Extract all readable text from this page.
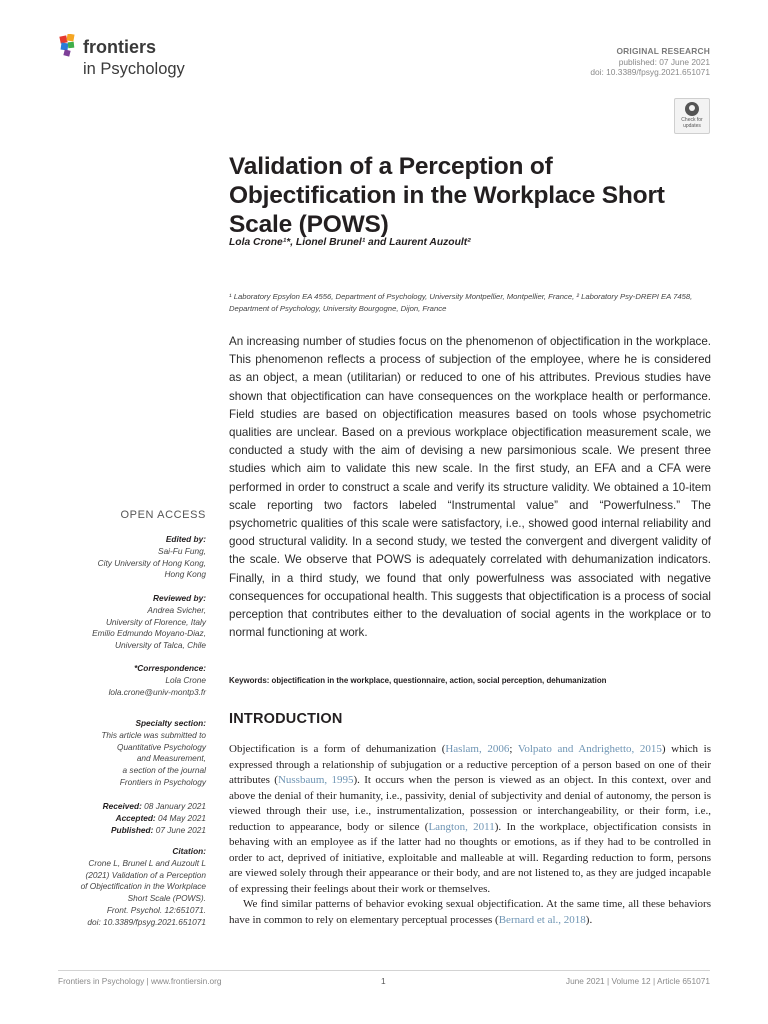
frontiers
in Psychology
ORIGINAL RESEARCH
published: 07 June 2021
doi: 10.3389/fpsyg.2021.651071
Check for updates
Validation of a Perception of Objectification in the Workplace Short Scale (POWS)
Lola Crone¹*, Lionel Brunel¹ and Laurent Auzoult²
¹ Laboratory Epsylon EA 4556, Department of Psychology, University Montpellier, Montpellier, France, ² Laboratory Psy-DREPI EA 7458, Department of Psychology, University Bourgogne, Dijon, France
An increasing number of studies focus on the phenomenon of objectification in the workplace. This phenomenon reflects a process of subjection of the employee, where he is considered as an object, a mean (utilitarian) or reduced to one of his attributes. Previous studies have shown that objectification can have consequences on the workplace health or performance. Field studies are based on objectification measures based on tools whose psychometric qualities are unclear. Based on a previous workplace objectification measurement scale, we conducted a study with the aim of devising a new parsimonious scale. We present three studies which aim to validate this new scale. In the first study, an EFA and a CFA were performed in order to construct a scale and verify its structure validity. We obtained a 10-item scale reporting two factors labeled “Instrumental value” and “Powerfulness.” The psychometric qualities of this scale were satisfactory, i.e., showed good internal reliability and good structural validity. In a second study, we tested the convergent and divergent validity of the scale. We observe that POWS is adequately correlated with dehumanization indicators. Finally, in a third study, we found that only powerfulness was associated with negative consequences for occupational health. This suggests that objectification is a process of social perception that contributes either to the devaluation of social agents in the workplace or to normal functioning at work.
Keywords: objectification in the workplace, questionnaire, action, social perception, dehumanization
INTRODUCTION

Objectification is a form of dehumanization (Haslam, 2006; Volpato and Andrighetto, 2015) which is expressed through a relationship of subjugation or a reductive perception of a person based on one of their attributes (Nussbaum, 1995). It occurs when the person is viewed as an object. In this context, over and above the denial of their humanity, i.e., passivity, denial of subjectivity and denial of autonomy, the person is viewed through their use, i.e., instrumentalization, possession or interchangeability, or their form, i.e., reduction to appearance, body or silence (Langton, 2011). In the workplace, objectification consists in behaving with an employee as if the latter had no thoughts or emotions, as if they had to be controlled in order to act, deprived of initiative, exploitable and malleable at will. Regarding reduction to form, persons are viewed solely through their appearance or their body, and are not listened to, as they are judged incapable of expressing their feelings about their work or themselves.

We find similar patterns of behavior evoking sexual objectification. At the same time, all these behaviors have in common to rely on elementary perceptual processes (Bernard et al., 2018).

OPEN ACCESS
Edited by:
Sai-Fu Fung,
City University of Hong Kong,
Hong Kong
Reviewed by:
Andrea Svicher,
University of Florence, Italy
Emilio Edmundo Moyano-Diaz,
University of Talca, Chile
*Correspondence:
Lola Crone
lola.crone@univ-montp3.fr
Specialty section:
This article was submitted to
Quantitative Psychology
and Measurement,
a section of the journal
Frontiers in Psychology
Received: 08 January 2021
Accepted: 04 May 2021
Published: 07 June 2021
Citation:
Crone L, Brunel L and Auzoult L
(2021) Validation of a Perception
of Objectification in the Workplace
Short Scale (POWS).
Front. Psychol. 12:651071.
doi: 10.3389/fpsyg.2021.651071
Frontiers in Psychology | www.frontiersin.org	1	June 2021 | Volume 12 | Article 651071
